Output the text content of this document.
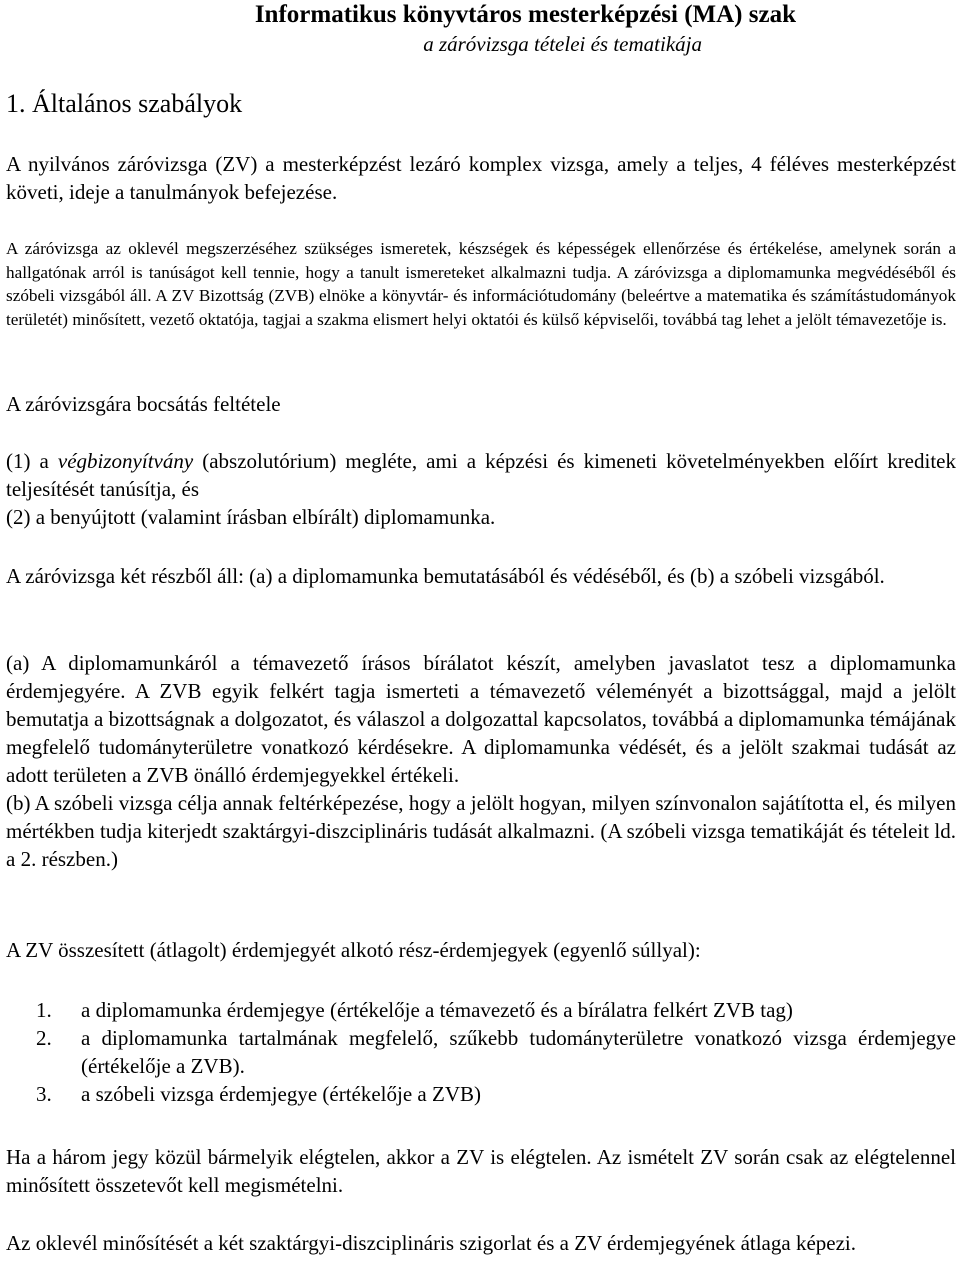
Informatikus könyvtáros mesterképzési (MA) szak
a záróvizsga tételei és tematikája
1. Általános szabályok

A nyilvános záróvizsga (ZV) a mesterképzést lezáró komplex vizsga, amely a teljes, 4 féléves mesterképzést követi, ideje a tanulmányok befejezése.

A záróvizsga az oklevél megszerzéséhez szükséges ismeretek, készségek és képességek ellenőrzése és értékelése, amelynek során a hallgatónak arról is tanúságot kell tennie, hogy a tanult ismereteket alkalmazni tudja. A záróvizsga a diplomamunka megvédéséből és szóbeli vizsgából áll. A ZV Bizottság (ZVB) elnöke a könyvtár- és információtudomány (beleértve a matematika és számítástudományok területét) minősített, vezető oktatója, tagjai a szakma elismert helyi oktatói és külső képviselői, továbbá tag lehet a jelölt témavezetője is.

A záróvizsgára bocsátás feltétele

(1) a végbizonyítvány (abszolutórium) megléte, ami a képzési és kimeneti követelményekben előírt kreditek teljesítését tanúsítja, és

(2) a benyújtott (valamint írásban elbírált) diplomamunka.

A záróvizsga két részből áll: (a) a diplomamunka bemutatásából és védéséből, és (b) a szóbeli vizsgából.

(a) A diplomamunkáról a témavezető írásos bírálatot készít, amelyben javaslatot tesz a diplomamunka érdemjegyére. A ZVB egyik felkért tagja ismerteti a témavezető véleményét a bizottsággal, majd a jelölt bemutatja a bizottságnak a dolgozatot, és válaszol a dolgozattal kapcsolatos, továbbá a diplomamunka témájának megfelelő tudományterületre vonatkozó kérdésekre. A diplomamunka védését, és a jelölt szakmai tudását az adott területen a ZVB önálló érdemjegyekkel értékeli.

(b) A szóbeli vizsga célja annak feltérképezése, hogy a jelölt hogyan, milyen színvonalon sajátította el, és milyen mértékben tudja kiterjedt szaktárgyi-diszciplináris tudását alkalmazni. (A szóbeli vizsga tematikáját és tételeit ld. a 2. részben.)

A ZV összesített (átlagolt) érdemjegyét alkotó rész-érdemjegyek (egyenlő súllyal):

1. a diplomamunka érdemjegye (értékelője a témavezető és a bírálatra felkért ZVB tag)
2. a diplomamunka tartalmának megfelelő, szűkebb tudományterületre vonatkozó vizsga érdemjegye (értékelője a ZVB).
3. a szóbeli vizsga érdemjegye (értékelője a ZVB)

Ha a három jegy közül bármelyik elégtelen, akkor a ZV is elégtelen. Az ismételt ZV során csak az elégtelennel minősített összetevőt kell megismételni.

Az oklevél minősítését a két szaktárgyi-diszciplináris szigorlat és a ZV érdemjegyének átlaga képezi.
